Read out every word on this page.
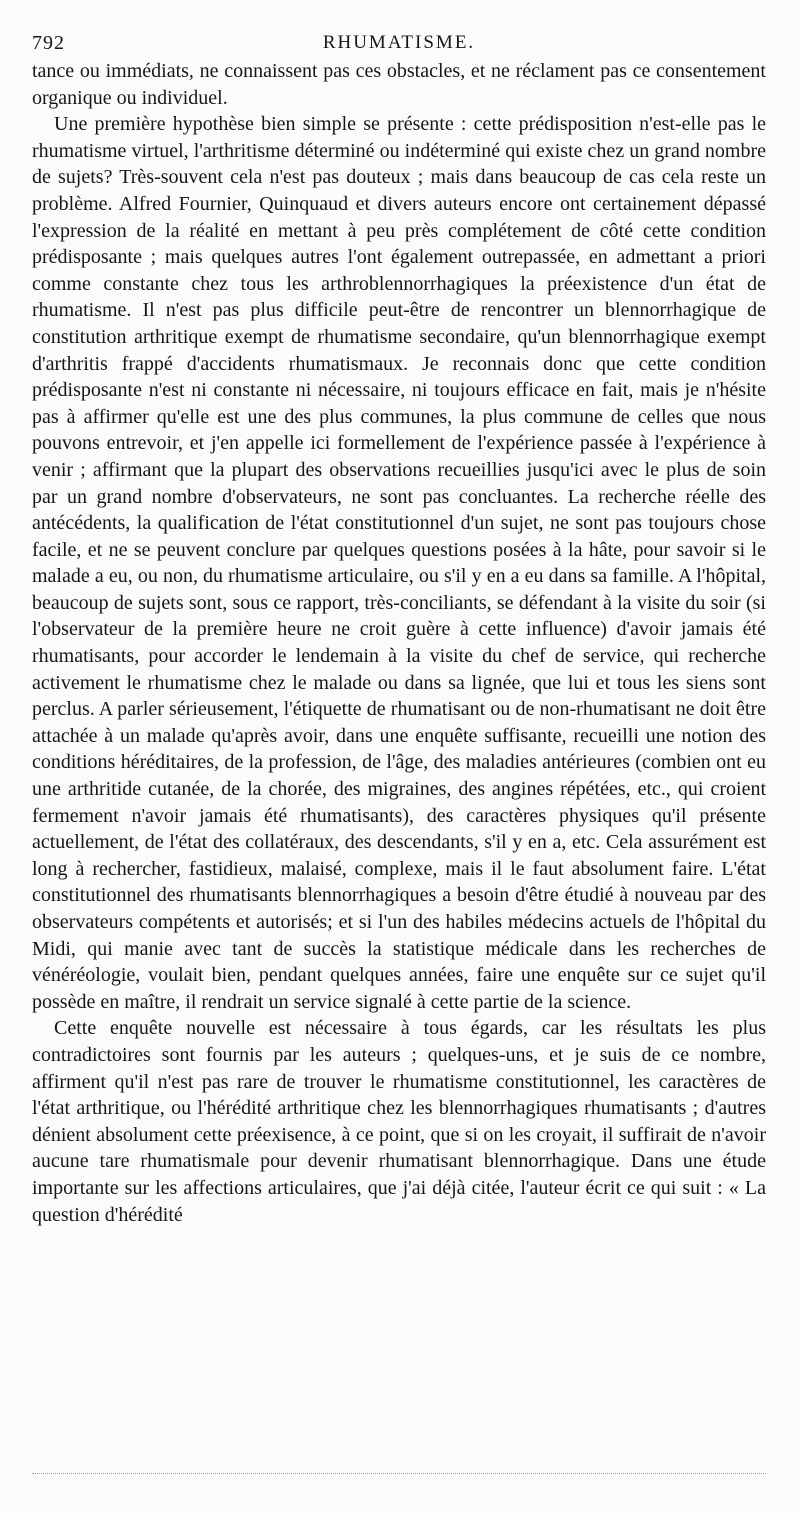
792	RHUMATISME.

tance ou immédiats, ne connaissent pas ces obstacles, et ne réclament pas ce consentement organique ou individuel.

Une première hypothèse bien simple se présente : cette prédisposition n'est-elle pas le rhumatisme virtuel, l'arthritisme déterminé ou indéterminé qui existe chez un grand nombre de sujets? Très-souvent cela n'est pas douteux ; mais dans beaucoup de cas cela reste un problème. Alfred Fournier, Quinquaud et divers auteurs encore ont certainement dépassé l'expression de la réalité en mettant à peu près complétement de côté cette condition prédisposante ; mais quelques autres l'ont également outrepassée, en admettant a priori comme constante chez tous les arthroblennorrhagiques la préexistence d'un état de rhumatisme. Il n'est pas plus difficile peut-être de rencontrer un blennorrhagique de constitution arthritique exempt de rhumatisme secondaire, qu'un blennorrhagique exempt d'arthritis frappé d'accidents rhumatismaux. Je reconnais donc que cette condition prédisposante n'est ni constante ni nécessaire, ni toujours efficace en fait, mais je n'hésite pas à affirmer qu'elle est une des plus communes, la plus commune de celles que nous pouvons entrevoir, et j'en appelle ici formellement de l'expérience passée à l'expérience à venir ; affirmant que la plupart des observations recueillies jusqu'ici avec le plus de soin par un grand nombre d'observateurs, ne sont pas concluantes. La recherche réelle des antécédents, la qualification de l'état constitutionnel d'un sujet, ne sont pas toujours chose facile, et ne se peuvent conclure par quelques questions posées à la hâte, pour savoir si le malade a eu, ou non, du rhumatisme articulaire, ou s'il y en a eu dans sa famille. A l'hôpital, beaucoup de sujets sont, sous ce rapport, très-conciliants, se défendant à la visite du soir (si l'observateur de la première heure ne croit guère à cette influence) d'avoir jamais été rhumatisants, pour accorder le lendemain à la visite du chef de service, qui recherche activement le rhumatisme chez le malade ou dans sa lignée, que lui et tous les siens sont perclus. A parler sérieusement, l'étiquette de rhumatisant ou de non-rhumatisant ne doit être attachée à un malade qu'après avoir, dans une enquête suffisante, recueilli une notion des conditions héréditaires, de la profession, de l'âge, des maladies antérieures (combien ont eu une arthritide cutanée, de la chorée, des migraines, des angines répétées, etc., qui croient fermement n'avoir jamais été rhumatisants), des caractères physiques qu'il présente actuellement, de l'état des collatéraux, des descendants, s'il y en a, etc. Cela assurément est long à rechercher, fastidieux, malaisé, complexe, mais il le faut absolument faire. L'état constitutionnel des rhumatisants blennorrhagiques a besoin d'être étudié à nouveau par des observateurs compétents et autorisés; et si l'un des habiles médecins actuels de l'hôpital du Midi, qui manie avec tant de succès la statistique médicale dans les recherches de vénéréologie, voulait bien, pendant quelques années, faire une enquête sur ce sujet qu'il possède en maître, il rendrait un service signalé à cette partie de la science.

Cette enquête nouvelle est nécessaire à tous égards, car les résultats les plus contradictoires sont fournis par les auteurs ; quelques-uns, et je suis de ce nombre, affirment qu'il n'est pas rare de trouver le rhumatisme constitutionnel, les caractères de l'état arthritique, ou l'hérédité arthritique chez les blennorrhagiques rhumatisants ; d'autres dénient absolument cette préexisence, à ce point, que si on les croyait, il suffirait de n'avoir aucune tare rhumatismale pour devenir rhumatisant blennorrhagique. Dans une étude importante sur les affections articulaires, que j'ai déjà citée, l'auteur écrit ce qui suit : « La question d'hérédité
